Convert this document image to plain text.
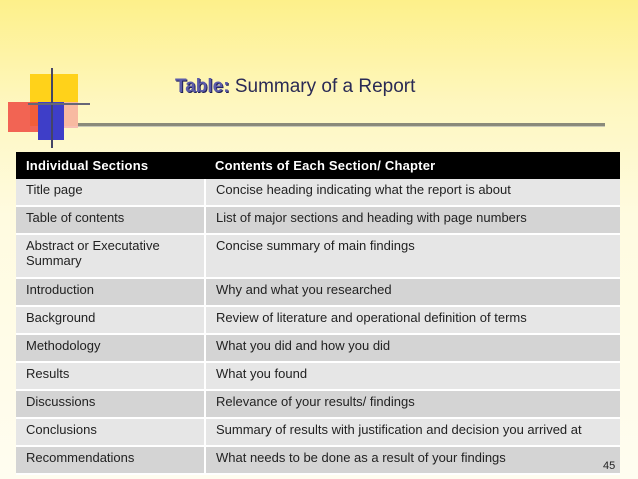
Table: Summary of a Report
Individual Sections	Contents of Each Section/ Chapter
Title page	Concise heading indicating what the report is about
Table of contents	List of major sections and heading with page numbers
Abstract or Executative Summary	Concise summary of main findings
Introduction	Why and what you researched
Background	Review of literature and operational definition of terms
Methodology	What you did and how you did
Results	What you found
Discussions	Relevance of your results/ findings
Conclusions	Summary of results with justification and decision you arrived at
Recommendations	What needs to be done as a result of your findings
45
